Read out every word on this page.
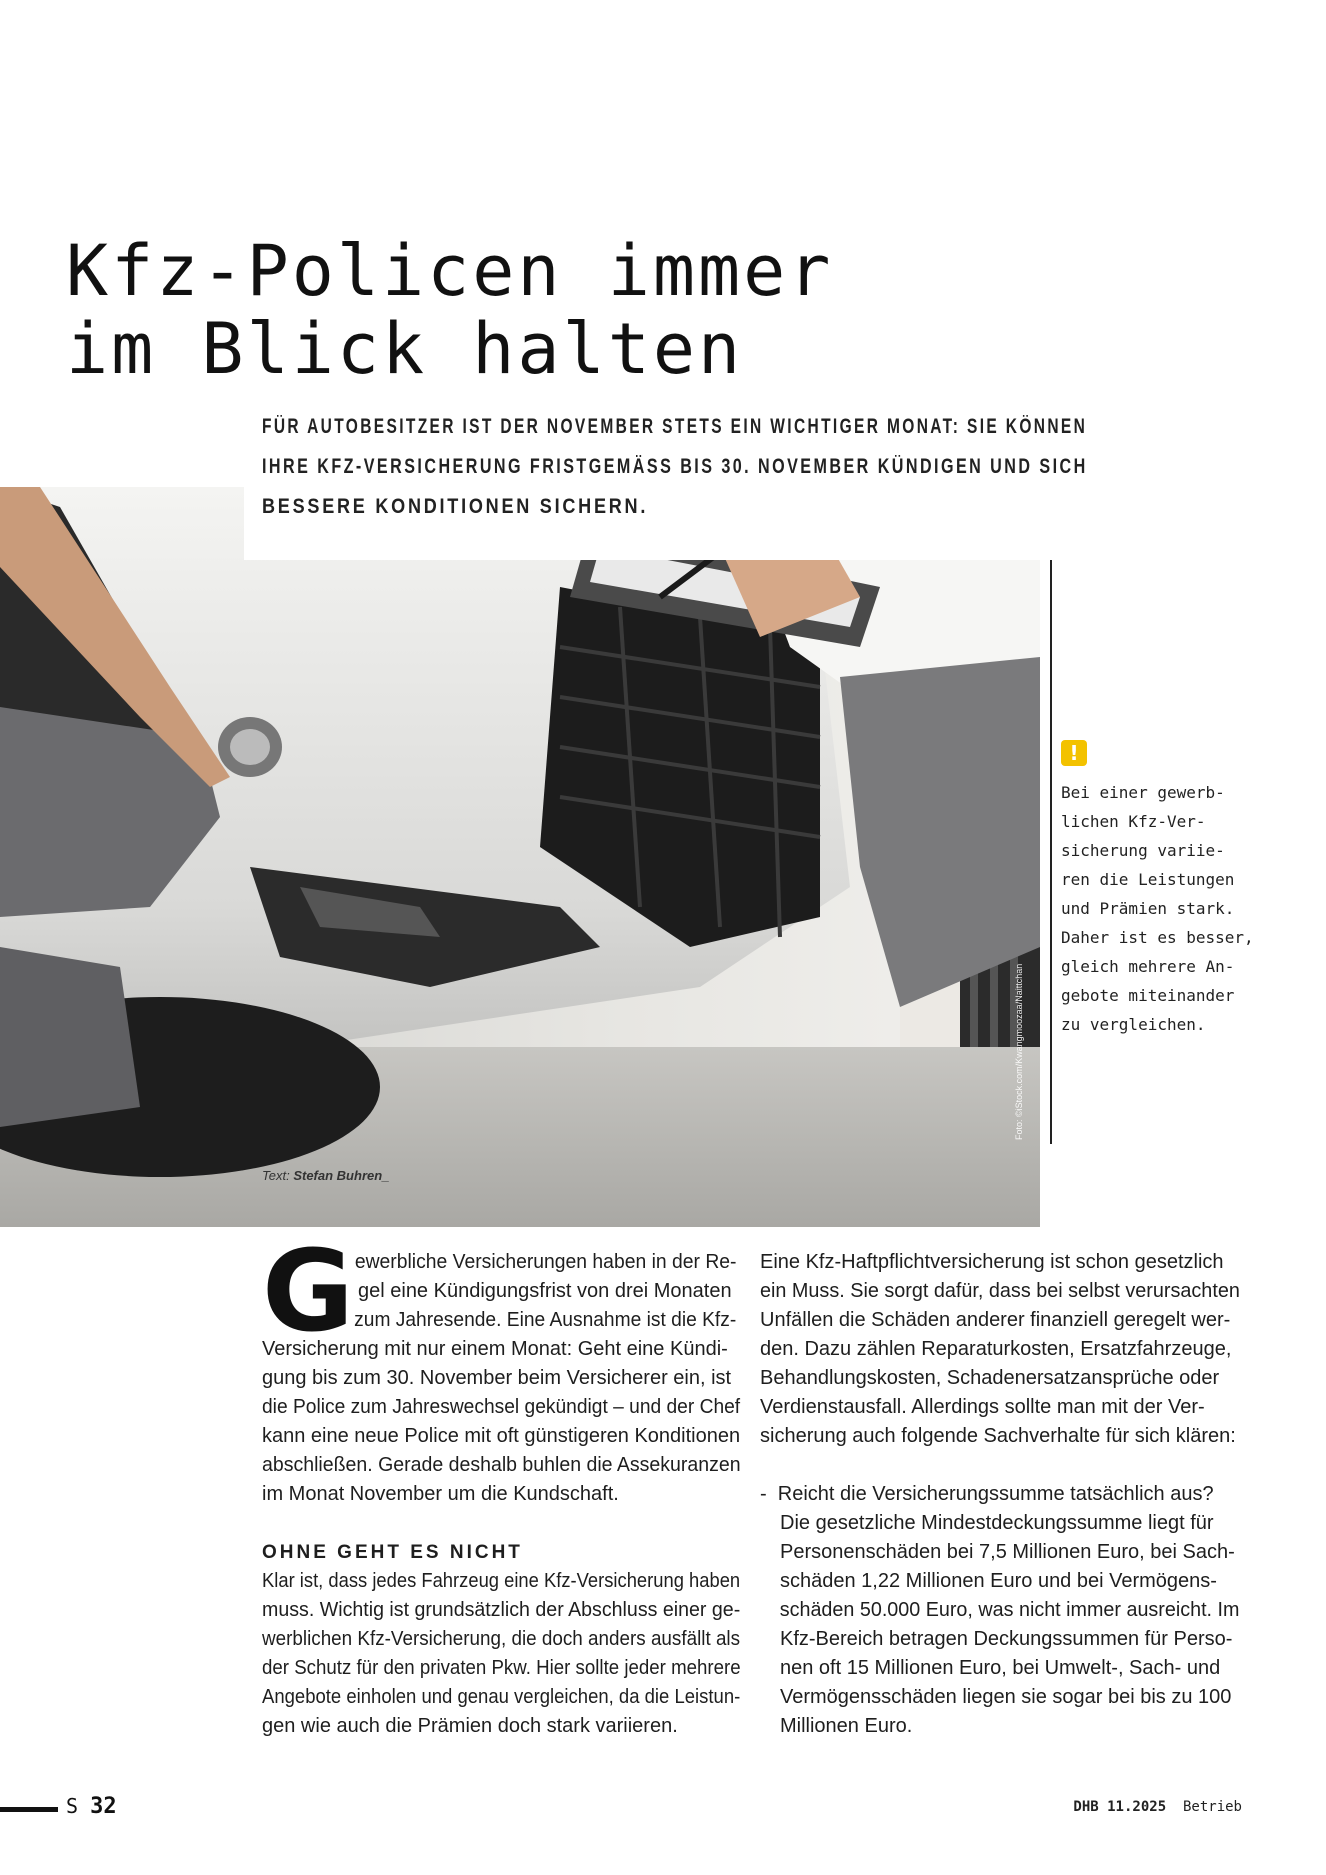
Kfz-Policen immer
im Blick halten
Foto: ©iStock.com/Kwangmoozaa/Naittchan

FÜR AUTOBESITZER IST DER NOVEMBER STETS EIN WICHTIGER MONAT: SIE KÖNNEN
IHRE KFZ-VERSICHERUNG FRISTGEMÄSS BIS 30. NOVEMBER KÜNDIGEN UND SICH
BESSERE KONDITIONEN SICHERN.

!
Bei einer gewerb-
lichen Kfz-Ver-
sicherung variie-
ren die Leistungen
und Prämien stark.
Daher ist es besser,
gleich mehrere An-
gebote miteinander
zu vergleichen.
Text: Stefan Buhren_
G ewerbliche Versicherungen haben in der Re-
gel eine Kündigungsfrist von drei Monaten
zum Jahresende. Eine Ausnahme ist die Kfz-
Versicherung mit nur einem Monat: Geht eine Kündi-
gung bis zum 30. November beim Versicherer ein, ist
die Police zum Jahreswechsel gekündigt – und der Chef
kann eine neue Police mit oft günstigeren Konditionen
abschließen. Gerade deshalb buhlen die Assekuranzen
im Monat November um die Kundschaft.
OHNE GEHT ES NICHT
Klar ist, dass jedes Fahrzeug eine Kfz-Versicherung haben
muss. Wichtig ist grundsätzlich der Abschluss einer ge-
werblichen Kfz-Versicherung, die doch anders ausfällt als
der Schutz für den privaten Pkw. Hier sollte jeder mehrere
Angebote einholen und genau vergleichen, da die Leistun-
gen wie auch die Prämien doch stark variieren.
Eine Kfz-Haftpflichtversicherung ist schon gesetzlich
ein Muss. Sie sorgt dafür, dass bei selbst verursachten
Unfällen die Schäden anderer finanziell geregelt wer-
den. Dazu zählen Reparaturkosten, Ersatzfahrzeuge,
Behandlungskosten, Schadenersatzansprüche oder
Verdienstausfall. Allerdings sollte man mit der Ver-
sicherung auch folgende Sachverhalte für sich klären:
- Reicht die Versicherungssumme tatsächlich aus?
Die gesetzliche Mindestdeckungssumme liegt für
Personenschäden bei 7,5 Millionen Euro, bei Sach-
schäden 1,22 Millionen Euro und bei Vermögens-
schäden 50.000 Euro, was nicht immer ausreicht. Im
Kfz-Bereich betragen Deckungssummen für Perso-
nen oft 15 Millionen Euro, bei Umwelt-, Sach- und
Vermögensschäden liegen sie sogar bei bis zu 100
Millionen Euro.
S 32	DHB 11.2025 Betrieb
